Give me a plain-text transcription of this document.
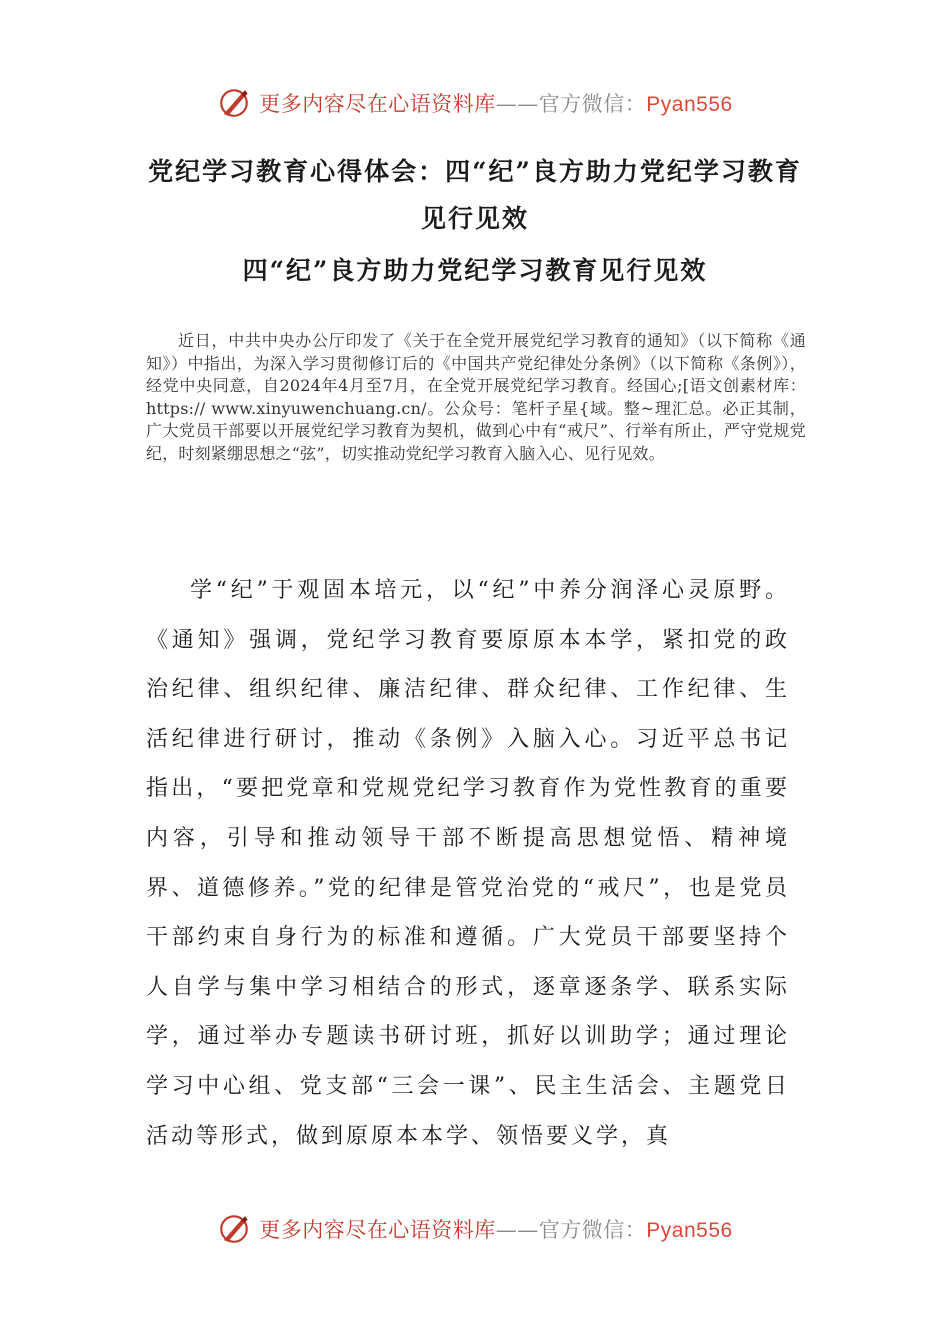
更多内容尽在心语资料库——官方微信：Pyan556
党纪学习教育心得体会：四“纪”良方助力党纪学习教育
见行见效
四“纪”良方助力党纪学习教育见行见效

近日，中共中央办公厅印发了《关于在全党开展党纪学习教育的通知》（以下简称《通知》）中指出，为深入学习贯彻修订后的《中国共产党纪律处分条例》（以下简称《条例》），经党中央同意，自2024年4月至7月，在全党开展党纪学习教育。经国心;[语文创素材库：https:// www.xinyuwenchuang.cn/。公众号：笔杆子星{域。整~理汇总。必正其制，广大党员干部要以开展党纪学习教育为契机，做到心中有“戒尺”、行举有所止，严守党规党纪，时刻紧绷思想之“弦”，切实推动党纪学习教育入脑入心、见行见效。

学“纪”于观固本培元，以“纪”中养分润泽心灵原野。《通知》强调，党纪学习教育要原原本本学，紧扣党的政治纪律、组织纪律、廉洁纪律、群众纪律、工作纪律、生活纪律进行研讨，推动《条例》入脑入心。习近平总书记指出，“要把党章和党规党纪学习教育作为党性教育的重要内容，引导和推动领导干部不断提高思想觉悟、精神境界、道德修养。”党的纪律是管党治党的“戒尺”，也是党员干部约束自身行为的标准和遵循。广大党员干部要坚持个人自学与集中学习相结合的形式，逐章逐条学、联系实际学，通过举办专题读书研讨班，抓好以训助学；通过理论学习中心组、党支部“三会一课”、民主生活会、主题党日活动等形式，做到原原本本学、领悟要义学，真

更多内容尽在心语资料库——官方微信：Pyan556
